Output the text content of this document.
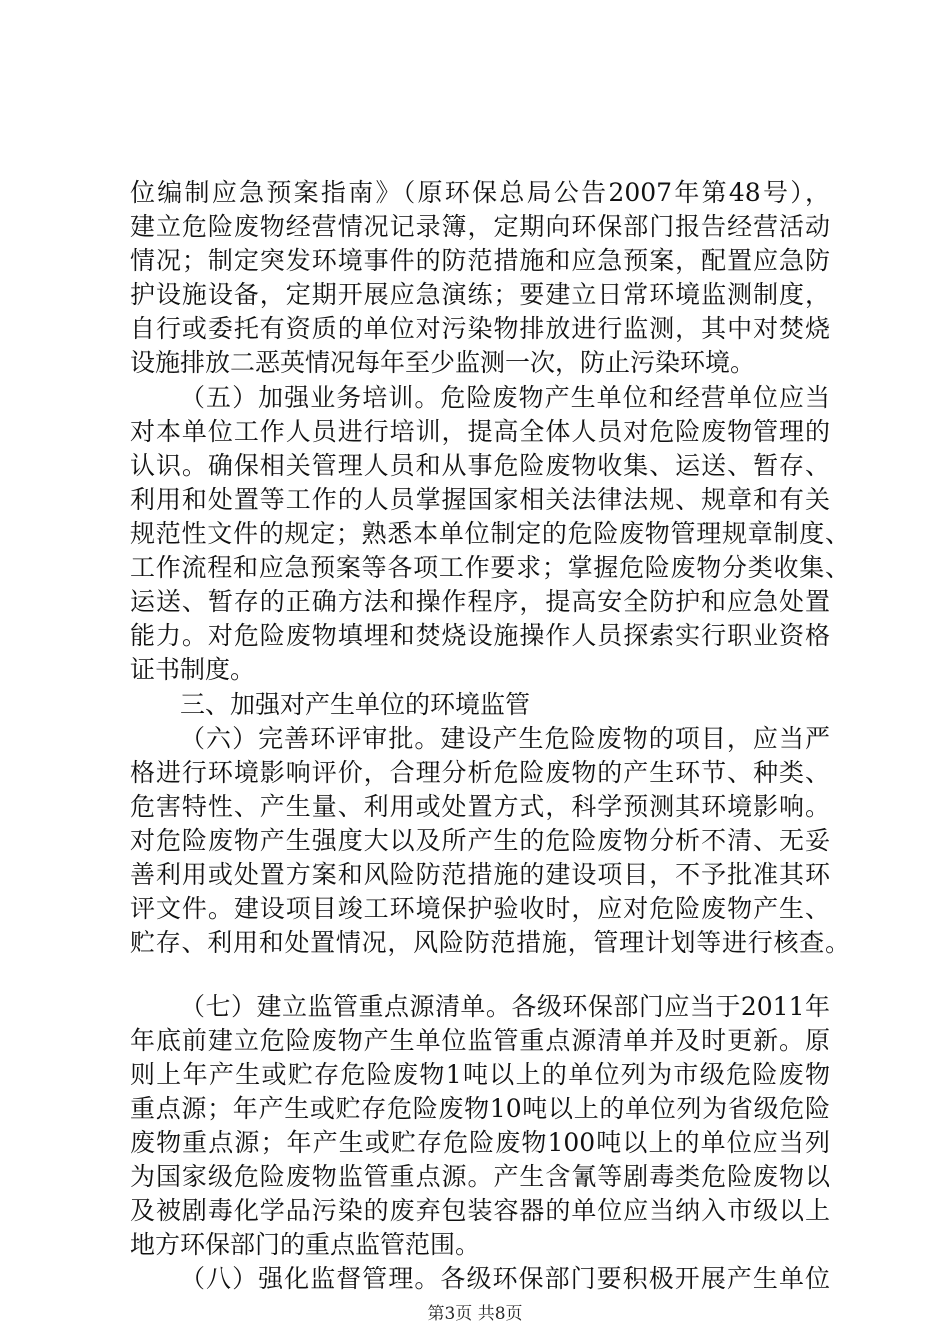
位编制应急预案指南》（原环保总局公告2007年第48号），
建立危险废物经营情况记录簿，定期向环保部门报告经营活动
情况；制定突发环境事件的防范措施和应急预案，配置应急防
护设施设备，定期开展应急演练；要建立日常环境监测制度，
自行或委托有资质的单位对污染物排放进行监测，其中对焚烧
设施排放二恶英情况每年至少监测一次，防止污染环境。
（五）加强业务培训。危险废物产生单位和经营单位应当
对本单位工作人员进行培训，提高全体人员对危险废物管理的
认识。确保相关管理人员和从事危险废物收集、运送、暂存、
利用和处置等工作的人员掌握国家相关法律法规、规章和有关
规范性文件的规定；熟悉本单位制定的危险废物管理规章制度、
工作流程和应急预案等各项工作要求；掌握危险废物分类收集、
运送、暂存的正确方法和操作程序，提高安全防护和应急处置
能力。对危险废物填埋和焚烧设施操作人员探索实行职业资格
证书制度。
三、加强对产生单位的环境监管
（六）完善环评审批。建设产生危险废物的项目，应当严
格进行环境影响评价，合理分析危险废物的产生环节、种类、
危害特性、产生量、利用或处置方式，科学预测其环境影响。
对危险废物产生强度大以及所产生的危险废物分析不清、无妥
善利用或处置方案和风险防范措施的建设项目，不予批准其环
评文件。建设项目竣工环境保护验收时，应对危险废物产生、
贮存、利用和处置情况，风险防范措施，管理计划等进行核查。
（七）建立监管重点源清单。各级环保部门应当于2011年
年底前建立危险废物产生单位监管重点源清单并及时更新。原
则上年产生或贮存危险废物1吨以上的单位列为市级危险废物
重点源；年产生或贮存危险废物10吨以上的单位列为省级危险
废物重点源；年产生或贮存危险废物100吨以上的单位应当列
为国家级危险废物监管重点源。产生含氰等剧毒类危险废物以
及被剧毒化学品污染的废弃包装容器的单位应当纳入市级以上
地方环保部门的重点监管范围。
（八）强化监督管理。各级环保部门要积极开展产生单位
第3页 共8页
